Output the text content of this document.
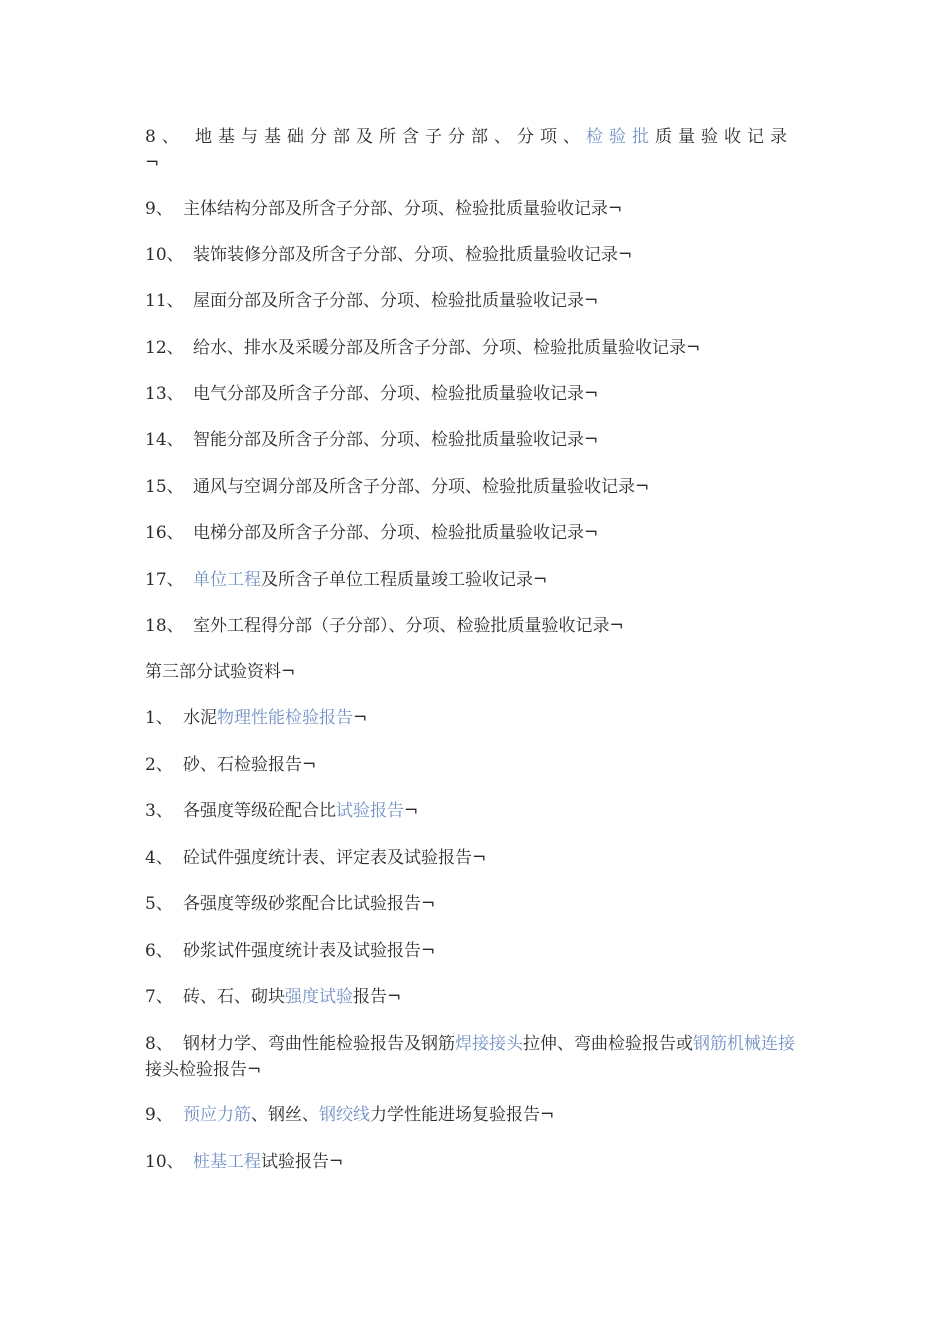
8、 地基与基础分部及所含子分部、分项、检验批质量验收记录¬
9、 主体结构分部及所含子分部、分项、检验批质量验收记录¬
10、 装饰装修分部及所含子分部、分项、检验批质量验收记录¬
11、 屋面分部及所含子分部、分项、检验批质量验收记录¬
12、 给水、排水及采暖分部及所含子分部、分项、检验批质量验收记录¬
13、 电气分部及所含子分部、分项、检验批质量验收记录¬
14、 智能分部及所含子分部、分项、检验批质量验收记录¬
15、 通风与空调分部及所含子分部、分项、检验批质量验收记录¬
16、 电梯分部及所含子分部、分项、检验批质量验收记录¬
17、 单位工程及所含子单位工程质量竣工验收记录¬
18、 室外工程得分部（子分部）、分项、检验批质量验收记录¬
第三部分试验资料¬
1、 水泥物理性能检验报告¬
2、 砂、石检验报告¬
3、 各强度等级砼配合比试验报告¬
4、 砼试件强度统计表、评定表及试验报告¬
5、 各强度等级砂浆配合比试验报告¬
6、 砂浆试件强度统计表及试验报告¬
7、 砖、石、砌块强度试验报告¬
8、 钢材力学、弯曲性能检验报告及钢筋焊接接头拉伸、弯曲检验报告或钢筋机械连接接头检验报告¬
9、 预应力筋、钢丝、钢绞线力学性能进场复验报告¬
10、 桩基工程试验报告¬
